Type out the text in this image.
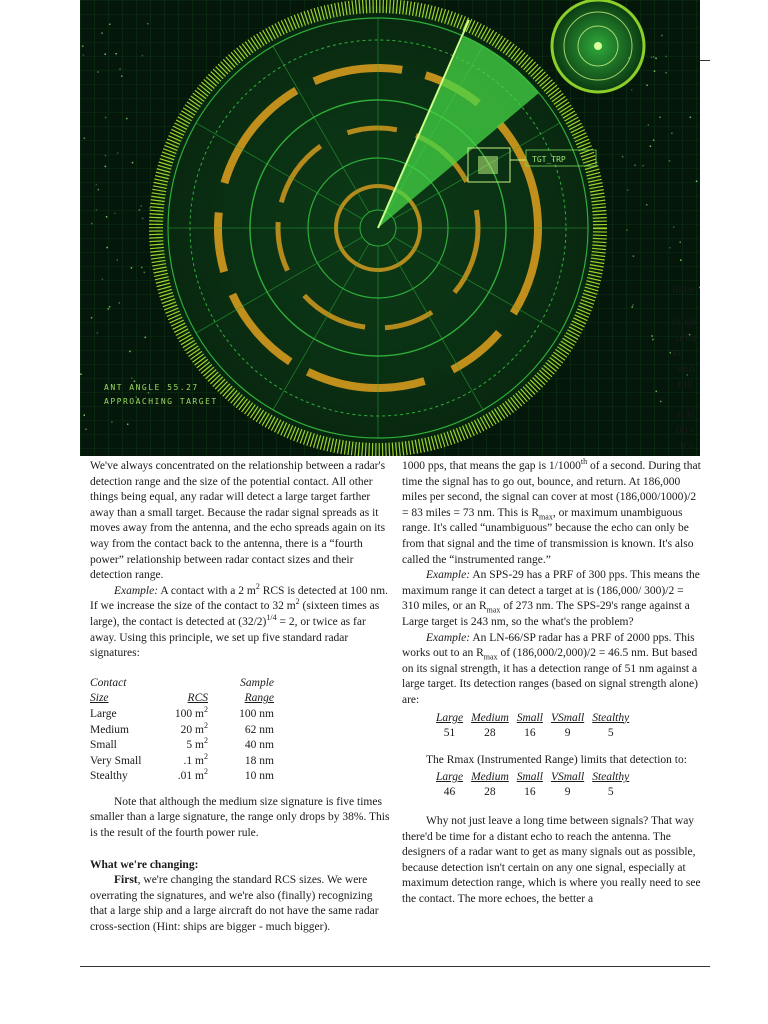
TGT_TRP
ANT ANGLE 55.27
APPROACHING TARGET
ill be
range
n for
xt
and
mit
d is
00 -
it's

We've always concentrated on the relationship between a radar's detection range and the size of the potential contact. All other things being equal, any radar will detect a large target farther away than a small target. Because the radar signal spreads as it moves away from the antenna, and the echo spreads again on its way from the contact back to the antenna, there is a “fourth power” relationship between radar contact sizes and their detection range.

Example: A contact with a 2 $m^2$ RCS is detected at 100 nm. If we increase the size of the contact to 32 $m^2$ (sixteen times as large), the contact is detected at $(32/2)^{1/4} = 2$, or twice as far away. Using this principle, we set up five standard radar signatures:

Contact		Sample
Size	RCS	Range
Large	100 $m^2$	100 nm
Medium	20 $m^2$	62 nm
Small	5 $m^2$	40 nm
Very Small	.1 $m^2$	18 nm
Stealthy	.01 $m^2$	10 nm

Note that although the medium size signature is five times smaller than a large signature, the range only drops by 38%. This is the result of the fourth power rule.

What we're changing:

First, we're changing the standard RCS sizes. We were overrating the signatures, and we're also (finally) recognizing that a large ship and a large aircraft do not have the same radar cross-section (Hint: ships are bigger - much bigger).

1000 pps, that means the gap is 1/1000th of a second. During that time the signal has to go out, bounce, and return. At 186,000 miles per second, the signal can cover at most (186,000/1000)/2 = 83 miles = 73 nm. This is $R_{max}$, or maximum unambiguous range. It's called “unambiguous” because the echo can only be from that signal and the time of transmission is known. It's also called the “instrumented range.”

Example: An SPS-29 has a PRF of 300 pps. This means the maximum range it can detect a target at is (186,000/ 300)/2 = 310 miles, or an $R_{max}$ of 273 nm. The SPS-29's range against a Large target is 243 nm, so the what's the problem?

Example: An LN-66/SP radar has a PRF of 2000 pps. This works out to an $R_{max}$ of (186,000/2,000)/2 = 46.5 nm. But based on its signal strength, it has a detection range of 51 nm against a large target. Its detection ranges (based on signal strength alone) are:

Large	Medium	Small	VSmall	Stealthy
51	28	16	9	5

The Rmax (Instrumented Range) limits that detection to:

Large	Medium	Small	VSmall	Stealthy
46	28	16	9	5

Why not just leave a long time between signals? That way there'd be time for a distant echo to reach the antenna. The designers of a radar want to get as many signals out as possible, because detection isn't certain on any one signal, especially at maximum detection range, which is where you really need to see the contact. The more echoes, the better a
